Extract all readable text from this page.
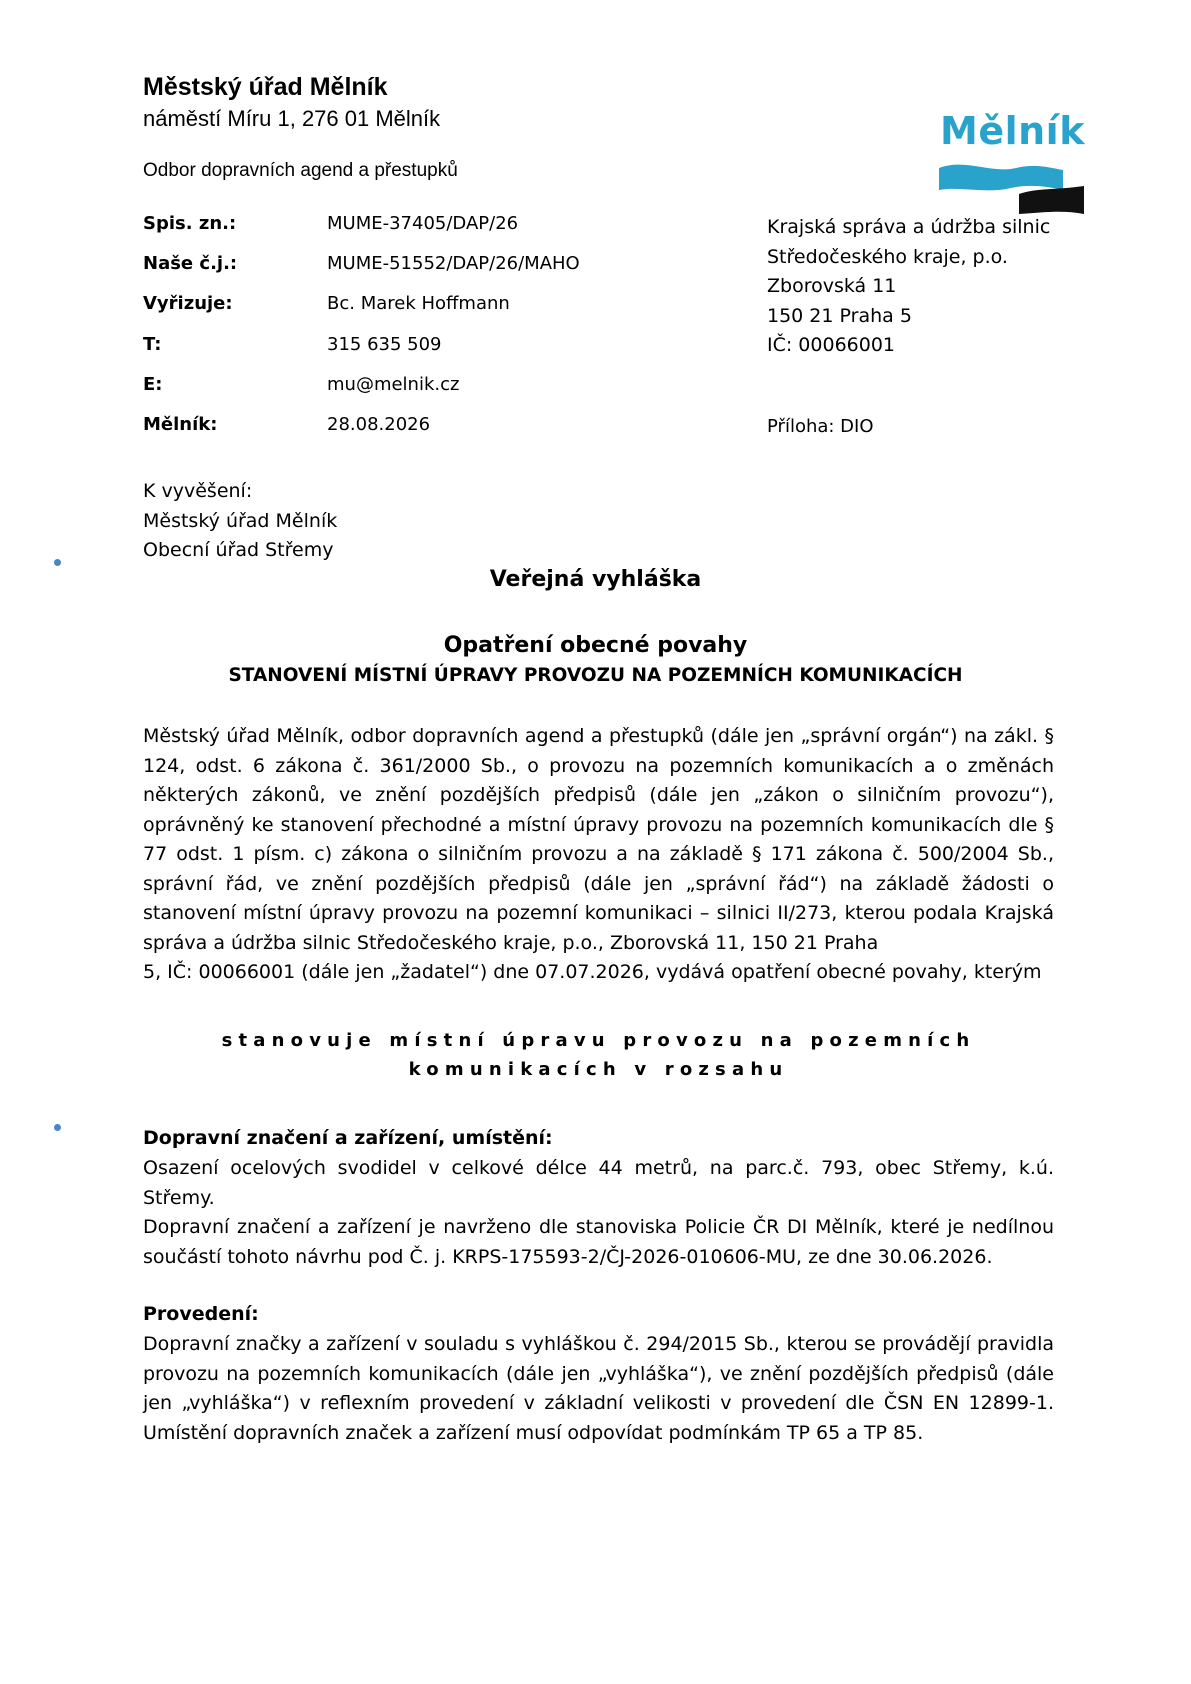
Městský úřad Mělník
náměstí Míru 1, 276 01 Mělník
Odbor dopravních agend a přestupků
Mělník
Spis. zn.:	MUME-37405/DAP/26
Naše č.j.:	MUME-51552/DAP/26/MAHO
Vyřizuje:	Bc. Marek Hoffmann
T:	315 635 509
E:	mu@melnik.cz
Mělník:	28.08.2026
Krajská správa a údržba silnic
Středočeského kraje, p.o.
Zborovská 11
150 21 Praha 5
IČ: 00066001
Příloha: DIO
K vyvěšení:
Městský úřad Mělník
Obecní úřad Střemy
Veřejná vyhláška
Opatření obecné povahy
STANOVENÍ MÍSTNÍ ÚPRAVY PROVOZU NA POZEMNÍCH KOMUNIKACÍCH
Městský úřad Mělník, odbor dopravních agend a přestupků (dále jen „správní orgán“) na zákl. § 124, odst. 6 zákona č. 361/2000 Sb., o provozu na pozemních komunikacích a o změnách některých zákonů, ve znění pozdějších předpisů (dále jen „zákon o silničním provozu“), oprávněný ke stanovení přechodné a místní úpravy provozu na pozemních komunikacích dle § 77 odst. 1 písm. c) zákona o silničním provozu a na základě § 171 zákona č. 500/2004 Sb., správní řád, ve znění pozdějších předpisů (dále jen „správní řád“) na základě žádosti o stanovení místní úpravy provozu na pozemní komunikaci – silnici II/273, kterou podala Krajská správa a údržba silnic Středočeského kraje, p.o., Zborovská 11, 150 21 Praha
5, IČ: 00066001 (dále jen „žadatel“) dne 07.07.2026, vydává opatření obecné povahy, kterým
stanovuje místní úpravu provozu na pozemních komunikacích v rozsahu
Dopravní značení a zařízení, umístění:
Osazení ocelových svodidel v celkové délce 44 metrů, na parc.č. 793, obec Střemy, k.ú. Střemy.
Dopravní značení a zařízení je navrženo dle stanoviska Policie ČR DI Mělník, které je nedílnou součástí tohoto návrhu pod Č. j. KRPS-175593-2/ČJ-2026-010606-MU, ze dne 30.06.2026.
Provedení:
Dopravní značky a zařízení v souladu s vyhláškou č. 294/2015 Sb., kterou se provádějí pravidla provozu na pozemních komunikacích (dále jen „vyhláška“), ve znění pozdějších předpisů (dále jen „vyhláška“) v reflexním provedení v základní velikosti v provedení dle ČSN EN 12899-1. Umístění dopravních značek a zařízení musí odpovídat podmínkám TP 65 a TP 85.
